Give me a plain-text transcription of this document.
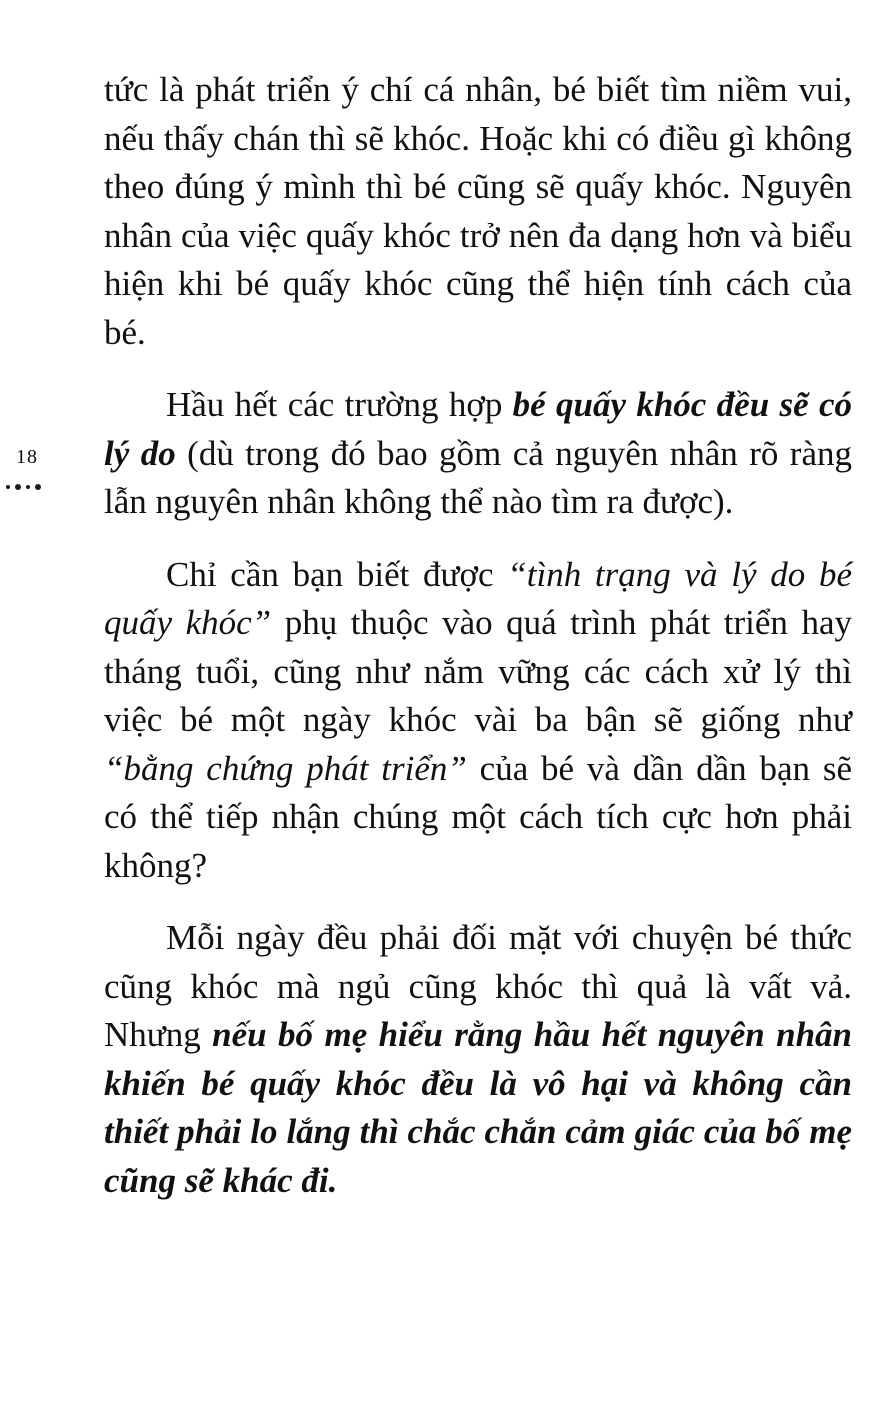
18

tức là phát triển ý chí cá nhân, bé biết tìm niềm vui, nếu thấy chán thì sẽ khóc. Hoặc khi có điều gì không theo đúng ý mình thì bé cũng sẽ quấy khóc. Nguyên nhân của việc quấy khóc trở nên đa dạng hơn và biểu hiện khi bé quấy khóc cũng thể hiện tính cách của bé.

Hầu hết các trường hợp bé quấy khóc đều sẽ có lý do (dù trong đó bao gồm cả nguyên nhân rõ ràng lẫn nguyên nhân không thể nào tìm ra được).

Chỉ cần bạn biết được “tình trạng và lý do bé quấy khóc” phụ thuộc vào quá trình phát triển hay tháng tuổi, cũng như nắm vững các cách xử lý thì việc bé một ngày khóc vài ba bận sẽ giống như “bằng chứng phát triển” của bé và dần dần bạn sẽ có thể tiếp nhận chúng một cách tích cực hơn phải không?

Mỗi ngày đều phải đối mặt với chuyện bé thức cũng khóc mà ngủ cũng khóc thì quả là vất vả. Nhưng nếu bố mẹ hiểu rằng hầu hết nguyên nhân khiến bé quấy khóc đều là vô hại và không cần thiết phải lo lắng thì chắc chắn cảm giác của bố mẹ cũng sẽ khác đi.
